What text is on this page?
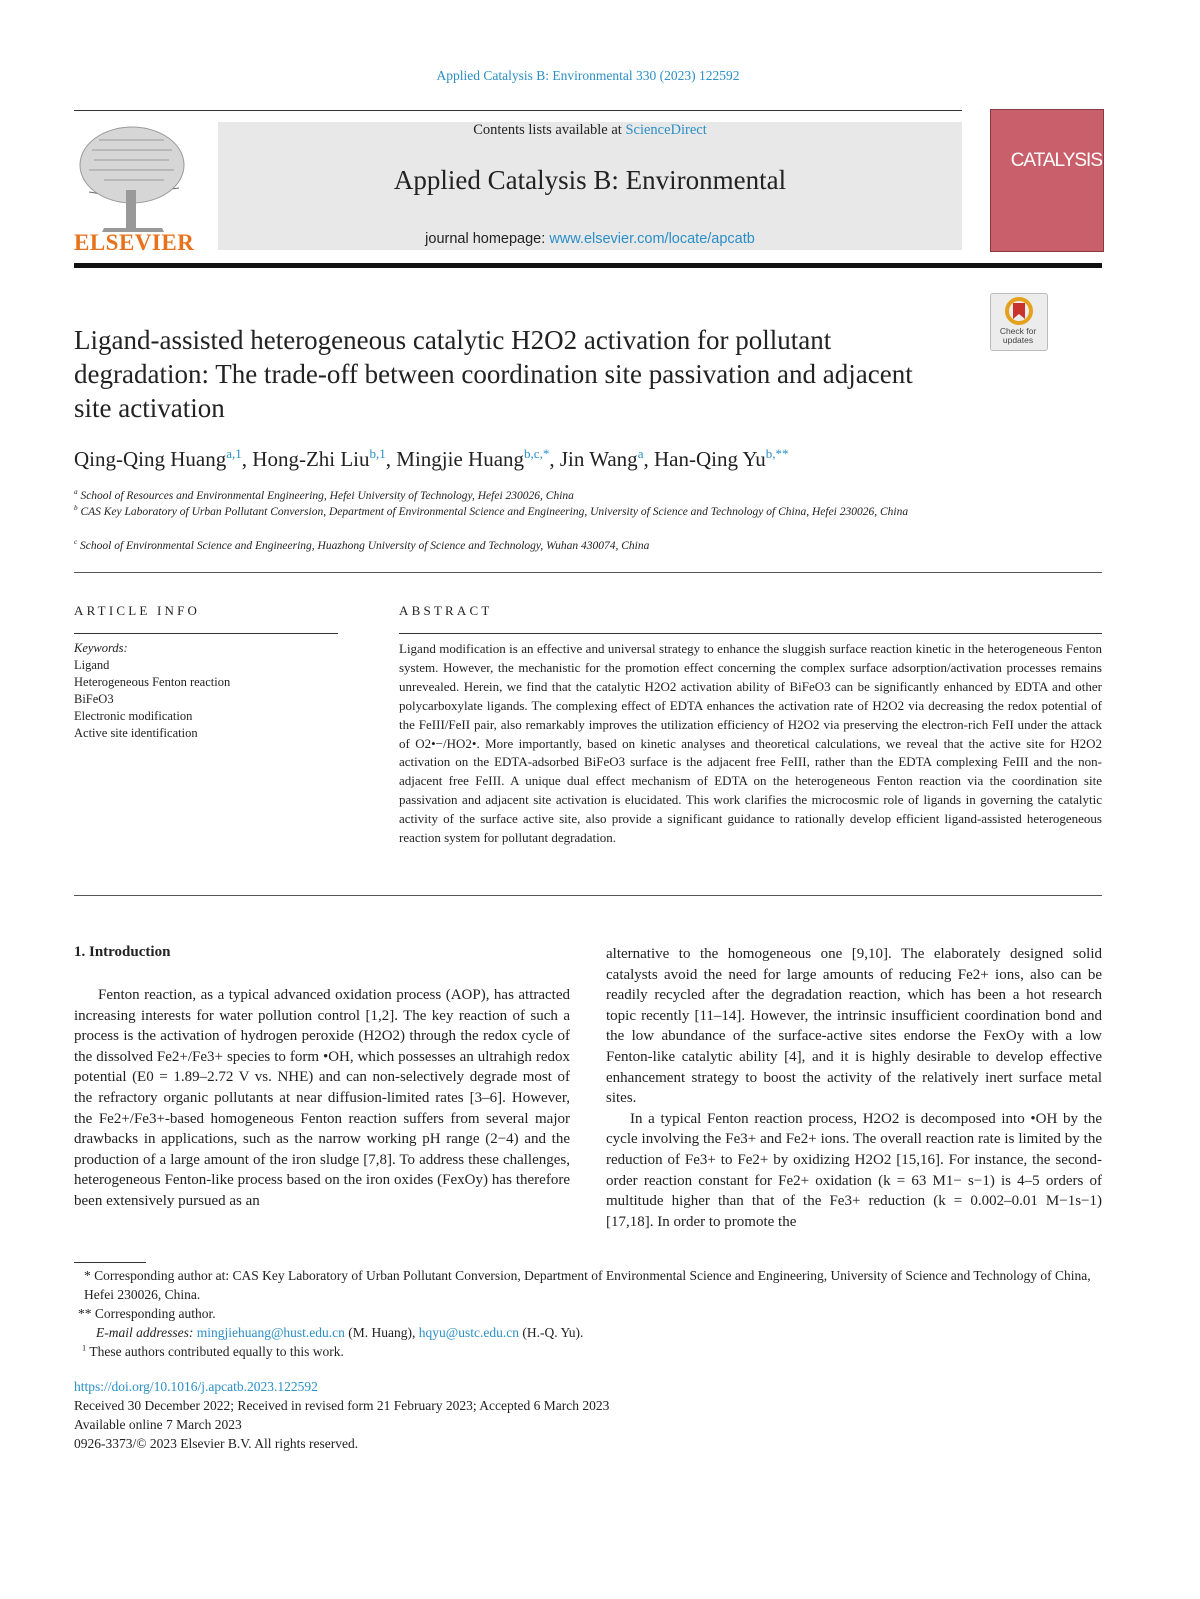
Applied Catalysis B: Environmental 330 (2023) 122592
ELSEVIER
Contents lists available at ScienceDirect
Applied Catalysis B: Environmental
journal homepage: www.elsevier.com/locate/apcatb
CATALYSIS
Check for updates
Ligand-assisted heterogeneous catalytic H2O2 activation for pollutant degradation: The trade-off between coordination site passivation and adjacent site activation
Qing-Qing Huang$^{a,1}$, Hong-Zhi Liu$^{b,1}$, Mingjie Huang$^{b,c,*}$, Jin Wang$^a$, Han-Qing $Yu^{b,**}$
$^a$ School of Resources and Environmental Engineering, Hefei University of Technology, Hefei 230026, China
$^b$ CAS Key Laboratory of Urban Pollutant Conversion, Department of Environmental Science and Engineering, University of Science and Technology of China, Hefei 230026, China
$^c$ School of Environmental Science and Engineering, Huazhong University of Science and Technology, Wuhan 430074, China
ARTICLE INFO	ABSTRACT
Keywords:
Ligand
Heterogeneous Fenton reaction
BiFeO3
Electronic modification
Active site identification
Ligand modification is an effective and universal strategy to enhance the sluggish surface reaction kinetic in the heterogeneous Fenton system. However, the mechanistic for the promotion effect concerning the complex surface adsorption/activation processes remains unrevealed. Herein, we find that the catalytic H2O2 activation ability of BiFeO3 can be significantly enhanced by EDTA and other polycarboxylate ligands. The complexing effect of EDTA enhances the activation rate of H2O2 via decreasing the redox potential of the FeIII/FeII pair, also remarkably improves the utilization efficiency of H2O2 via preserving the electron-rich FeII under the attack of O2•−/HO2•. More importantly, based on kinetic analyses and theoretical calculations, we reveal that the active site for H2O2 activation on the EDTA-adsorbed BiFeO3 surface is the adjacent free FeIII, rather than the EDTA complexing FeIII and the non-adjacent free FeIII. A unique dual effect mechanism of EDTA on the heterogeneous Fenton reaction via the coordination site passivation and adjacent site activation is elucidated. This work clarifies the microcosmic role of ligands in governing the catalytic activity of the surface active site, also provide a significant guidance to rationally develop efficient ligand-assisted heterogeneous reaction system for pollutant degradation.
1. Introduction

Fenton reaction, as a typical advanced oxidation process (AOP), has attracted increasing interests for water pollution control [1,2]. The key reaction of such a process is the activation of hydrogen peroxide (H2O2) through the redox cycle of the dissolved Fe2+/Fe3+ species to form •OH, which possesses an ultrahigh redox potential (E0 = 1.89–2.72 V vs. NHE) and can non-selectively degrade most of the refractory organic pollutants at near diffusion-limited rates [3–6]. However, the Fe2+/Fe3+-based homogeneous Fenton reaction suffers from several major drawbacks in applications, such as the narrow working pH range (2−4) and the production of a large amount of the iron sludge [7,8]. To address these challenges, heterogeneous Fenton-like process based on the iron oxides (FexOy) has therefore been extensively pursued as an

alternative to the homogeneous one [9,10]. The elaborately designed solid catalysts avoid the need for large amounts of reducing Fe2+ ions, also can be readily recycled after the degradation reaction, which has been a hot research topic recently [11–14]. However, the intrinsic insufficient coordination bond and the low abundance of the surface-active sites endorse the FexOy with a low Fenton-like catalytic ability [4], and it is highly desirable to develop effective enhancement strategy to boost the activity of the relatively inert surface metal sites.

In a typical Fenton reaction process, H2O2 is decomposed into •OH by the cycle involving the Fe3+ and Fe2+ ions. The overall reaction rate is limited by the reduction of Fe3+ to Fe2+ by oxidizing H2O2 [15,16]. For instance, the second-order reaction constant for Fe2+ oxidation (k = 63 M1− s−1) is 4–5 orders of multitude higher than that of the Fe3+ reduction (k = 0.002–0.01 M−1s−1) [17,18]. In order to promote the

* Corresponding author at: CAS Key Laboratory of Urban Pollutant Conversion, Department of Environmental Science and Engineering, University of Science and Technology of China, Hefei 230026, China.
** Corresponding author.
E-mail addresses: mingjiehuang@hust.edu.cn (M. Huang), hqyu@ustc.edu.cn (H.-Q. Yu).
$^1$ These authors contributed equally to this work.
https://doi.org/10.1016/j.apcatb.2023.122592
Received 30 December 2022; Received in revised form 21 February 2023; Accepted 6 March 2023
Available online 7 March 2023
0926-3373/© 2023 Elsevier B.V. All rights reserved.
